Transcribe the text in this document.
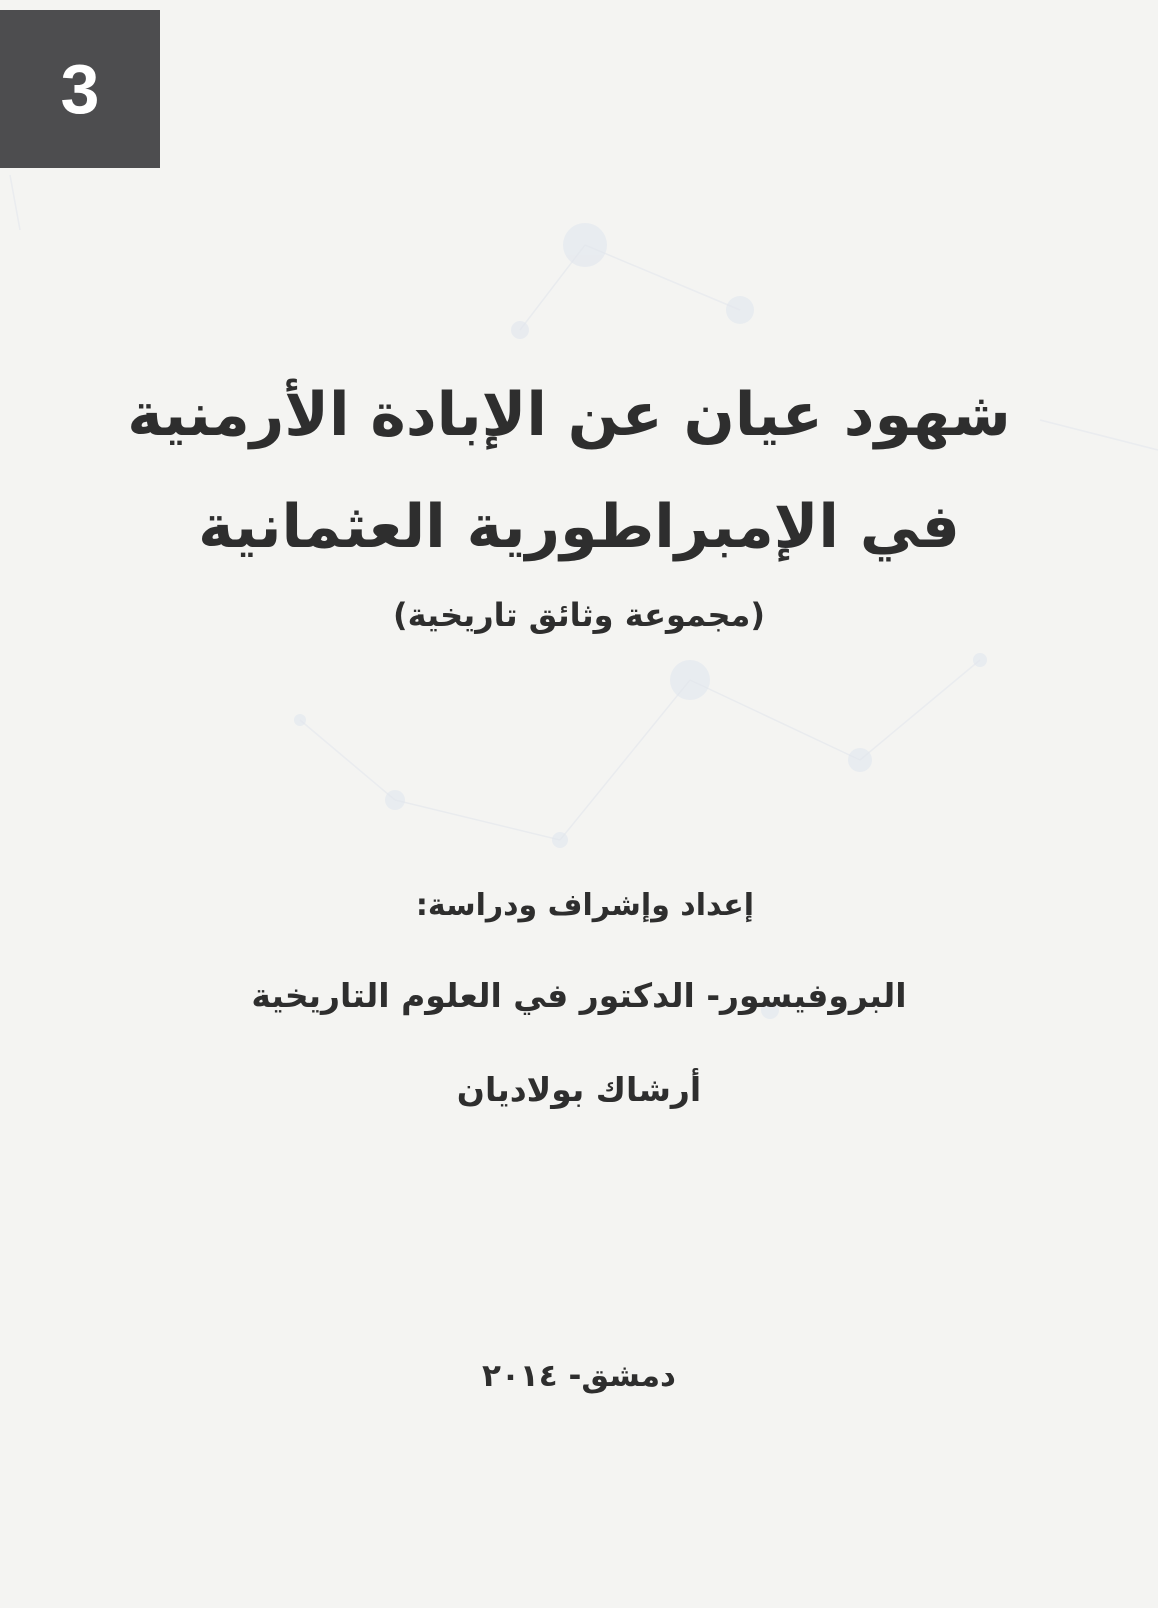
3
شهود عيان عن الإبادة الأرمنية
في الإمبراطورية العثمانية
(مجموعة وثائق تاريخية)
إعداد وإشراف ودراسة:
البروفيسور- الدكتور في العلوم التاريخية
أرشاك بولاديان
دمشق- ٢٠١٤
